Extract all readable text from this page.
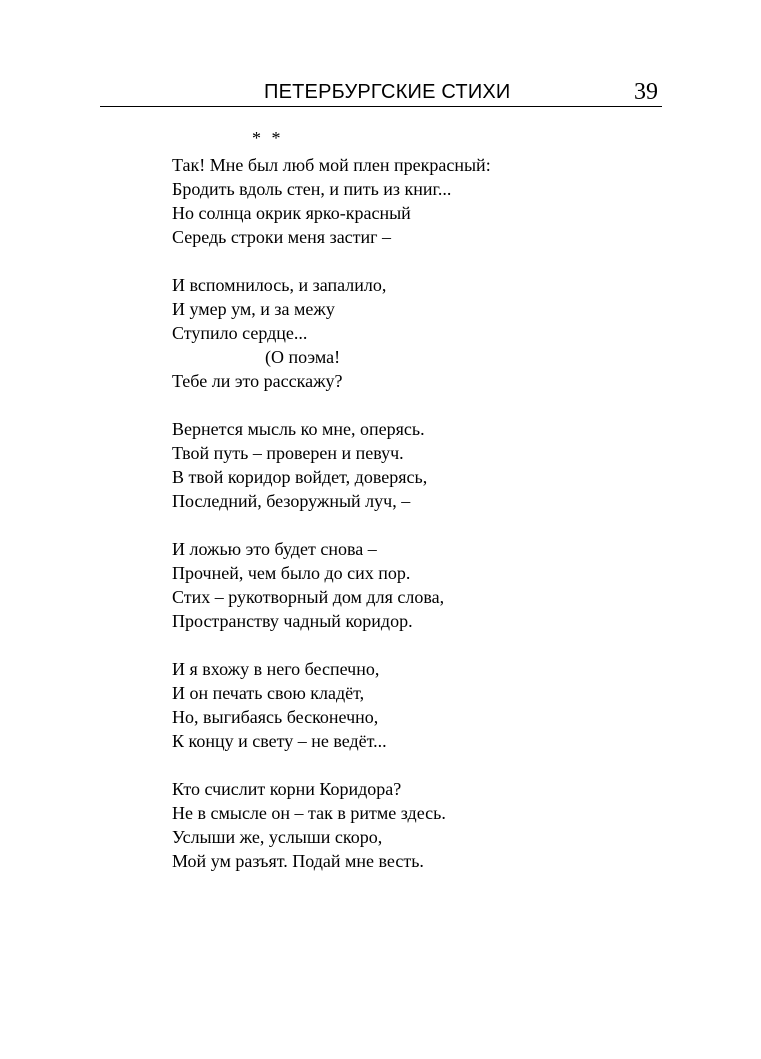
ПЕТЕРБУРГСКИЕ СТИХИ	39
* *
Так! Мне был люб мой плен прекрасный:
Бродить вдоль стен, и пить из книг...
Но солнца окрик ярко-красный
Середь строки меня застиг –
И вспомнилось, и запалило,
И умер ум, и за межу
Ступило сердце...
(О поэма!
Тебе ли это расскажу?
Вернется мысль ко мне, оперясь.
Твой путь – проверен и певуч.
В твой коридор войдет, доверясь,
Последний, безоружный луч, –
И ложью это будет снова –
Прочней, чем было до сих пор.
Стих – рукотворный дом для слова,
Пространству чадный коридор.
И я вхожу в него беспечно,
И он печать свою кладёт,
Но, выгибаясь бесконечно,
К концу и свету – не ведёт...
Кто счислит корни Коридора?
Не в смысле он – так в ритме здесь.
Услыши же, услыши скоро,
Мой ум разъят. Подай мне весть.
